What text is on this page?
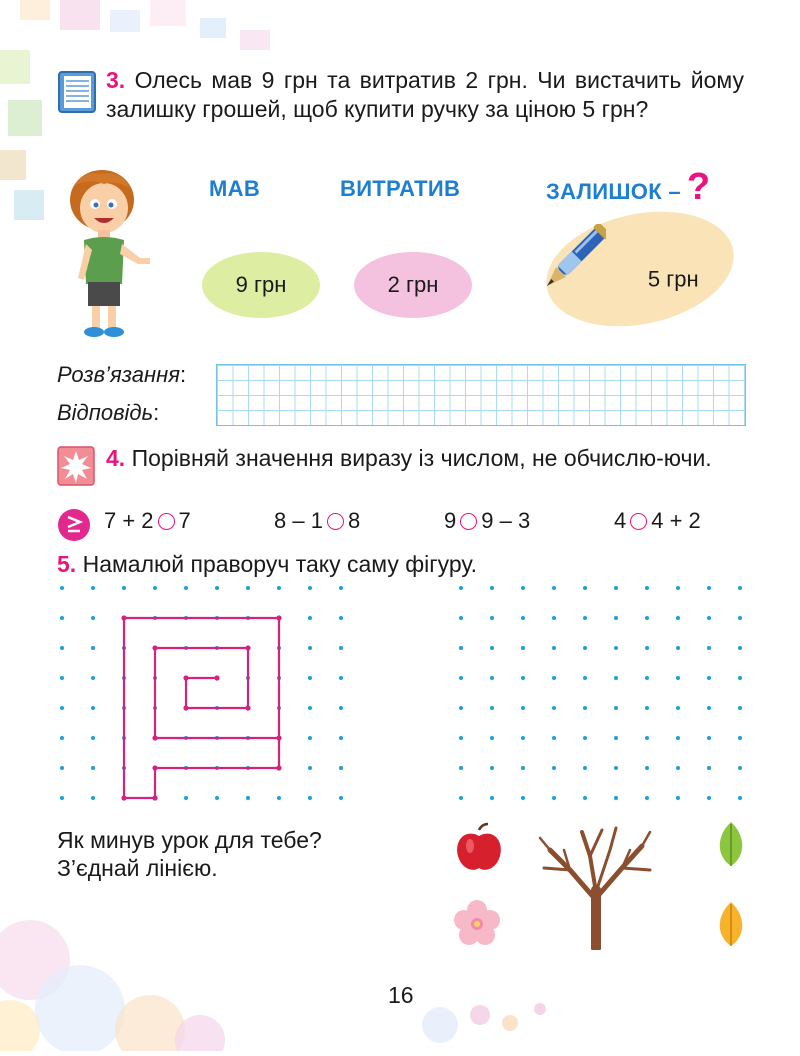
3. Олесь мав 9 грн та витратив 2 грн. Чи вистачить йому залишку грошей, щоб купити ручку за ціною 5 грн?
МАВ	ВИТРАТИВ	ЗАЛИШОК – ?
9 грн	2 грн	5 грн
Розв’язання:
Відповідь:
4. Порівняй значення виразу із числом, не обчислю-ючи.
7 + 2 7	8 – 1 8	9 9 – 3	4 4 + 2
5. Намалюй праворуч таку саму фігуру.
Як минув урок для тебе?
З’єднай лінією.
16
